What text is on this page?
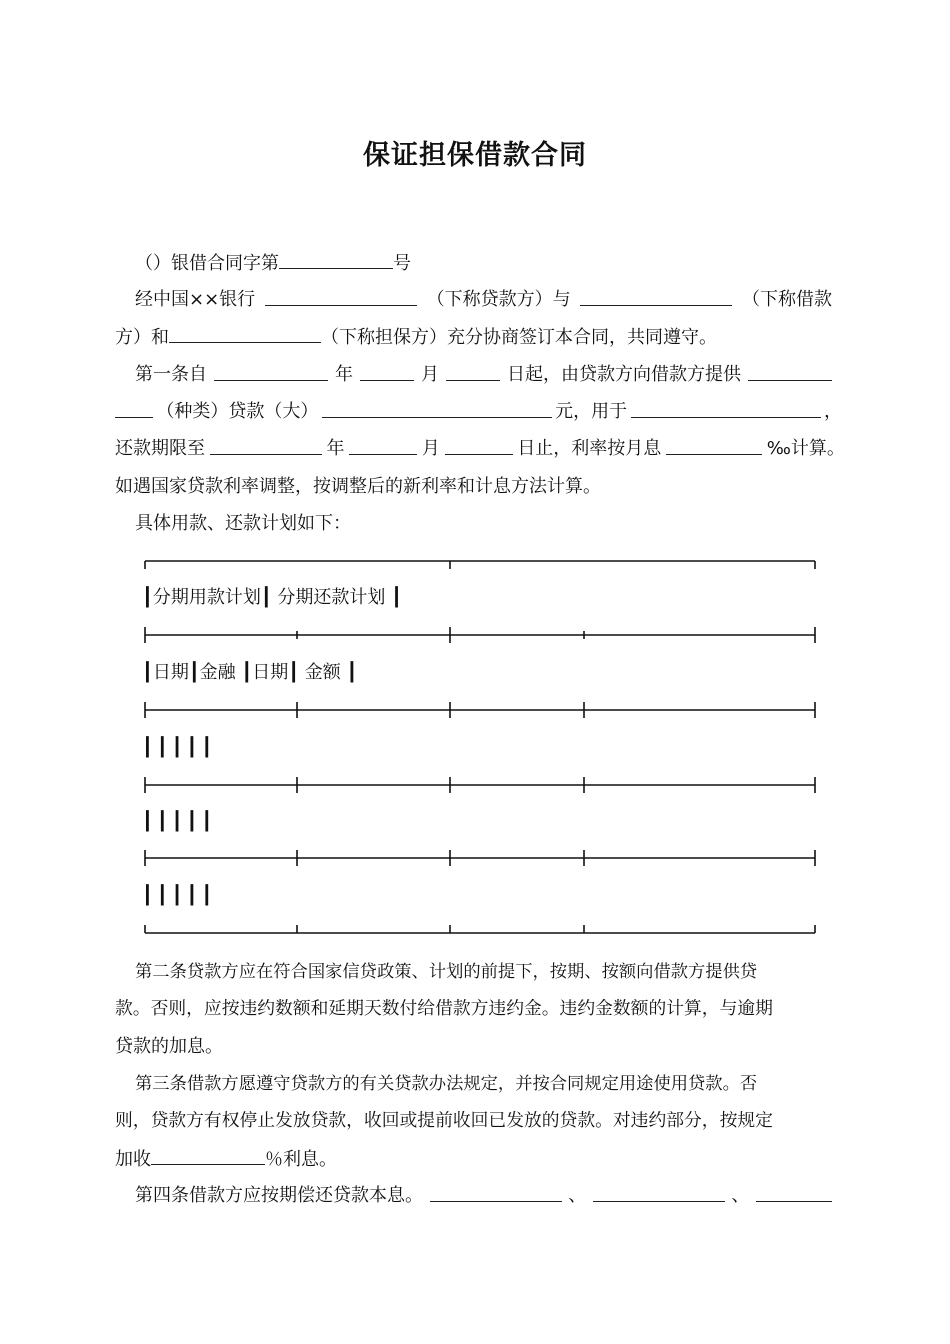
保证担保借款合同
（）银借合同字第	号
经中国××银行	（下称贷款方）与	（下称借款
方）和	（下称担保方）充分协商签订本合同，共同遵守。
第一条自	年	月	日起，由贷款方向借款方提供
（种类）贷款（大）	元，用于	，
还款期限至	年	月	日止，利率按月息	‰计算。
如遇国家贷款利率调整，按调整后的新利率和计息方法计算。
具体用款、还款计划如下：
┃分期用款计划┃ 分期还款计划 ┃
┃日期┃金融 ┃日期┃ 金额 ┃
┃┃┃┃┃
┃┃┃┃┃
┃┃┃┃┃
第二条贷款方应在符合国家信贷政策、计划的前提下，按期、按额向借款方提供贷
款。否则，应按违约数额和延期天数付给借款方违约金。违约金数额的计算，与逾期
贷款的加息。
第三条借款方愿遵守贷款方的有关贷款办法规定，并按合同规定用途使用贷款。否
则，贷款方有权停止发放贷款，收回或提前收回已发放的贷款。对违约部分，按规定
加收	％利息。
第四条借款方应按期偿还贷款本息。	、	、
